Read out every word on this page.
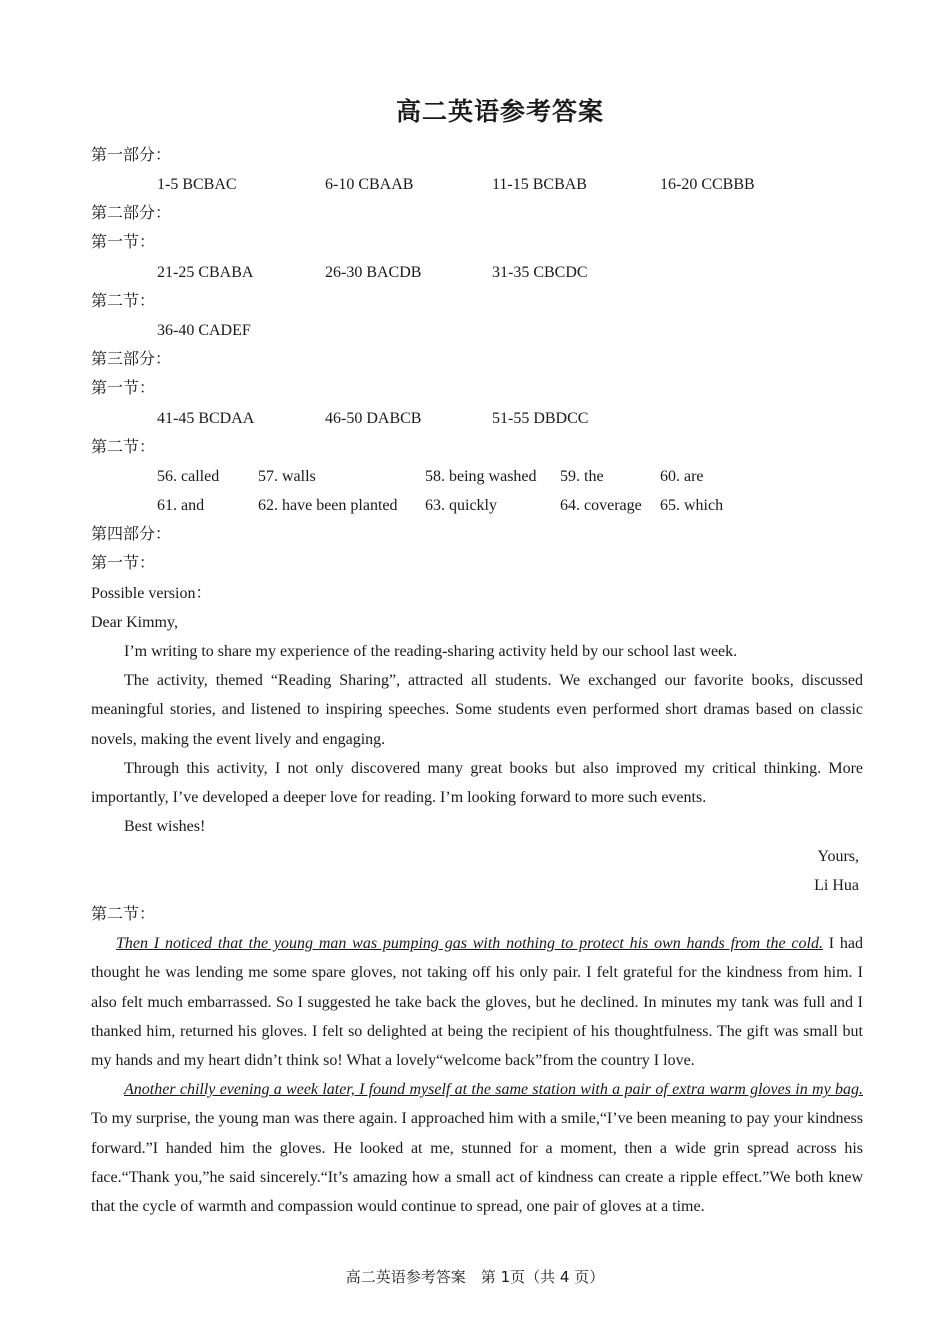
高二英语参考答案
第一部分：
1-5 BCBAC	6-10 CBAAB	11-15 BCBAB	16-20 CCBBB
第二部分：
第一节：
21-25 CBABA	26-30 BACDB	31-35 CBCDC
第二节：
36-40 CADEF
第三部分：
第一节：
41-45 BCDAA	46-50 DABCB	51-55 DBDCC
第二节：
56. called 57. walls	58. being washed 59. the	60. are
61. and	62. have been planted 63. quickly	64. coverage 65. which
第四部分：
第一节：
Possible version：
Dear Kimmy,
I’m writing to share my experience of the reading-sharing activity held by our school last week.
The activity, themed “Reading Sharing”, attracted all students. We exchanged our favorite books, discussed meaningful stories, and listened to inspiring speeches. Some students even performed short dramas based on classic novels, making the event lively and engaging.
Through this activity, I not only discovered many great books but also improved my critical thinking. More importantly, I’ve developed a deeper love for reading. I’m looking forward to more such events.
Best wishes!
Yours,
Li Hua
第二节：
Then I noticed that the young man was pumping gas with nothing to protect his own hands from the cold. I had thought he was lending me some spare gloves, not taking off his only pair. I felt grateful for the kindness from him. I also felt much embarrassed. So I suggested he take back the gloves, but he declined. In minutes my tank was full and I thanked him, returned his gloves. I felt so delighted at being the recipient of his thoughtfulness. The gift was small but my hands and my heart didn’t think so! What a lovely“welcome back”from the country I love.
Another chilly evening a week later, I found myself at the same station with a pair of extra warm gloves in my bag. To my surprise, the young man was there again. I approached him with a smile,“I’ve been meaning to pay your kindness forward.”I handed him the gloves. He looked at me, stunned for a moment, then a wide grin spread across his face.“Thank you,”he said sincerely.“It’s amazing how a small act of kindness can create a ripple effect.”We both knew that the cycle of warmth and compassion would continue to spread, one pair of gloves at a time.
高二英语参考答案　第 1页（共 4 页）
